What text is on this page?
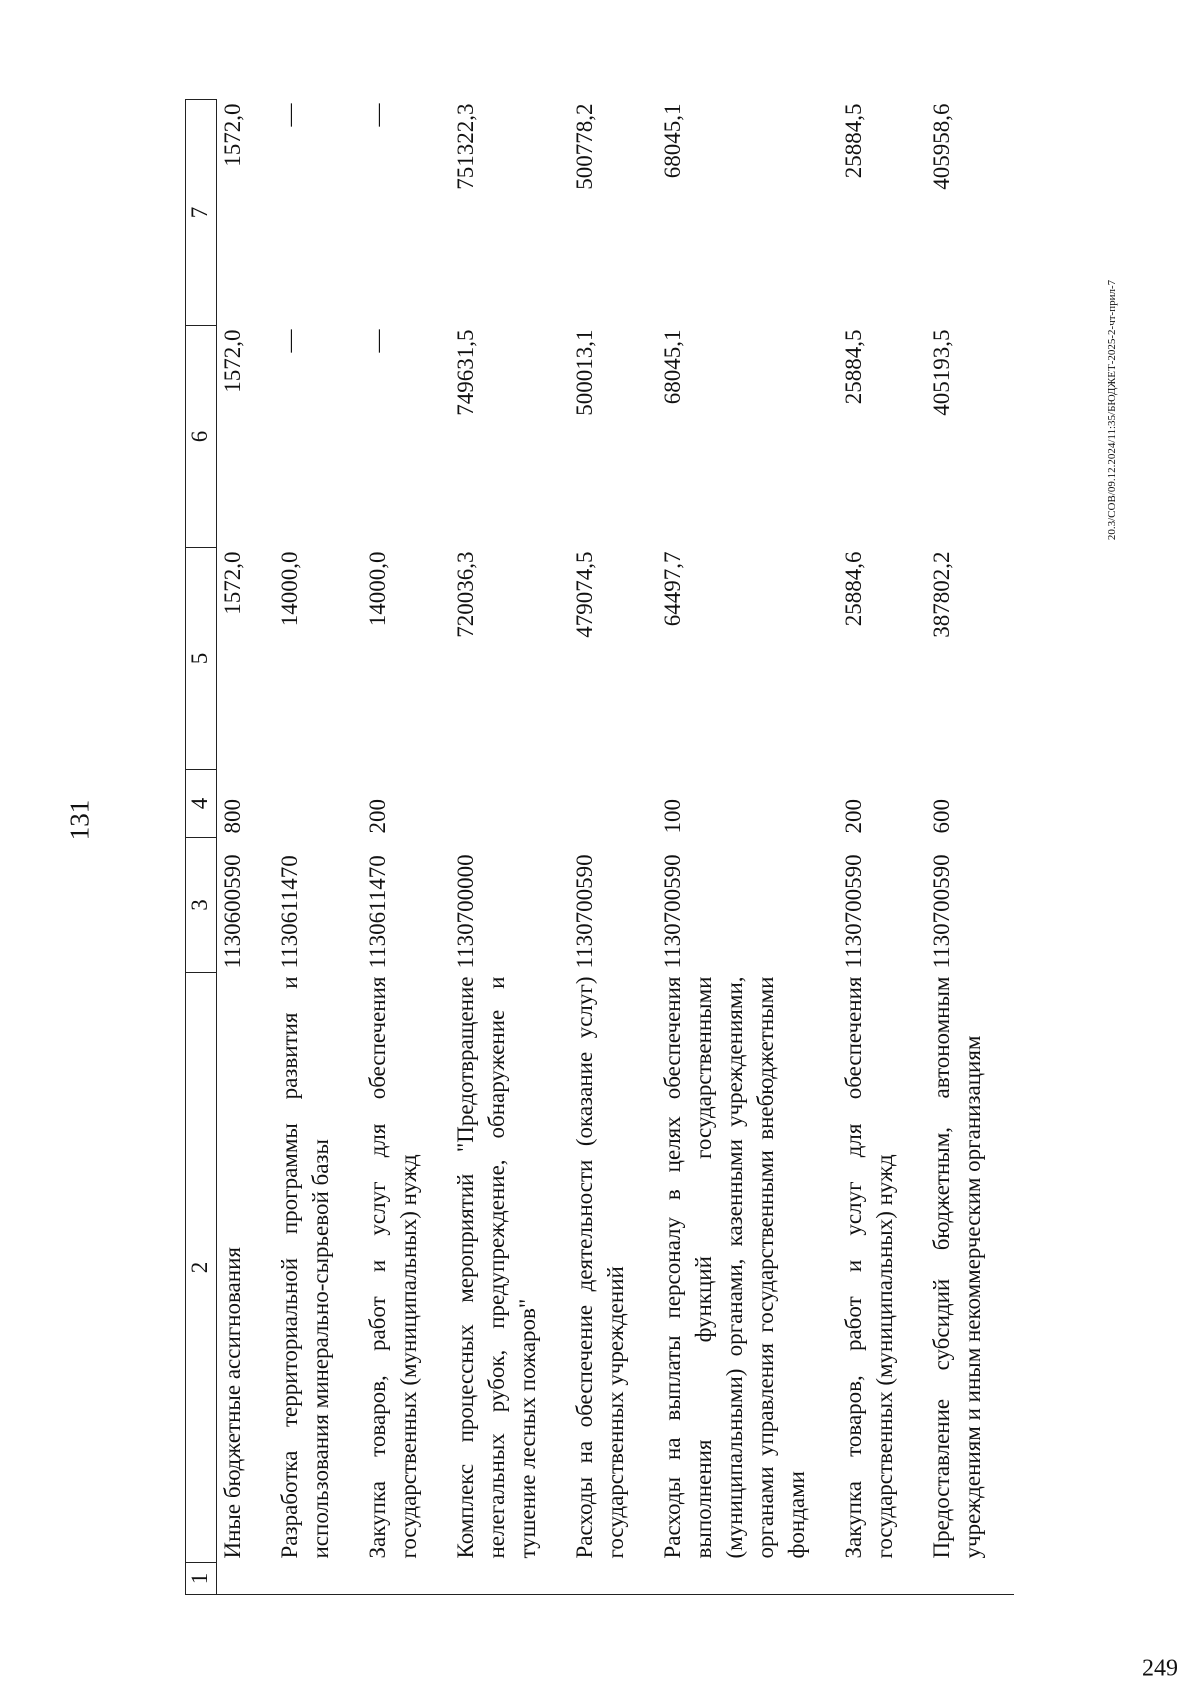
131
1	2	3	4	5	6	7
	Иные бюджетные ассигнования	1130600590	800	1572,0	1572,0	1572,0
	Разработка территориальной программы развития и использования минерально-сырьевой базы	1130611470		14000,0	—	—
	Закупка товаров, работ и услуг для обеспечения государственных (муниципальных) нужд	1130611470	200	14000,0	—	—
	Комплекс процессных мероприятий "Предотвращение нелегальных рубок, предупреждение, обнаружение и тушение лесных пожаров"	1130700000		720036,3	749631,5	751322,3
	Расходы на обеспечение деятельности (оказание услуг) государственных учреждений	1130700590		479074,5	500013,1	500778,2
	Расходы на выплаты персоналу в целях обеспечения выполнения функций государственными (муниципальными) органами, казенными учреждениями, органами управления государственными внебюджетными фондами	1130700590	100	64497,7	68045,1	68045,1
	Закупка товаров, работ и услуг для обеспечения государственных (муниципальных) нужд	1130700590	200	25884,6	25884,5	25884,5
	Предоставление субсидий бюджетным, автономным учреждениям и иным некоммерческим организациям	1130700590	600	387802,2	405193,5	405958,6
20.3/СОВ/09.12.2024/11:35/БЮДЖЕТ-2025-2-чт-прил-7
249
